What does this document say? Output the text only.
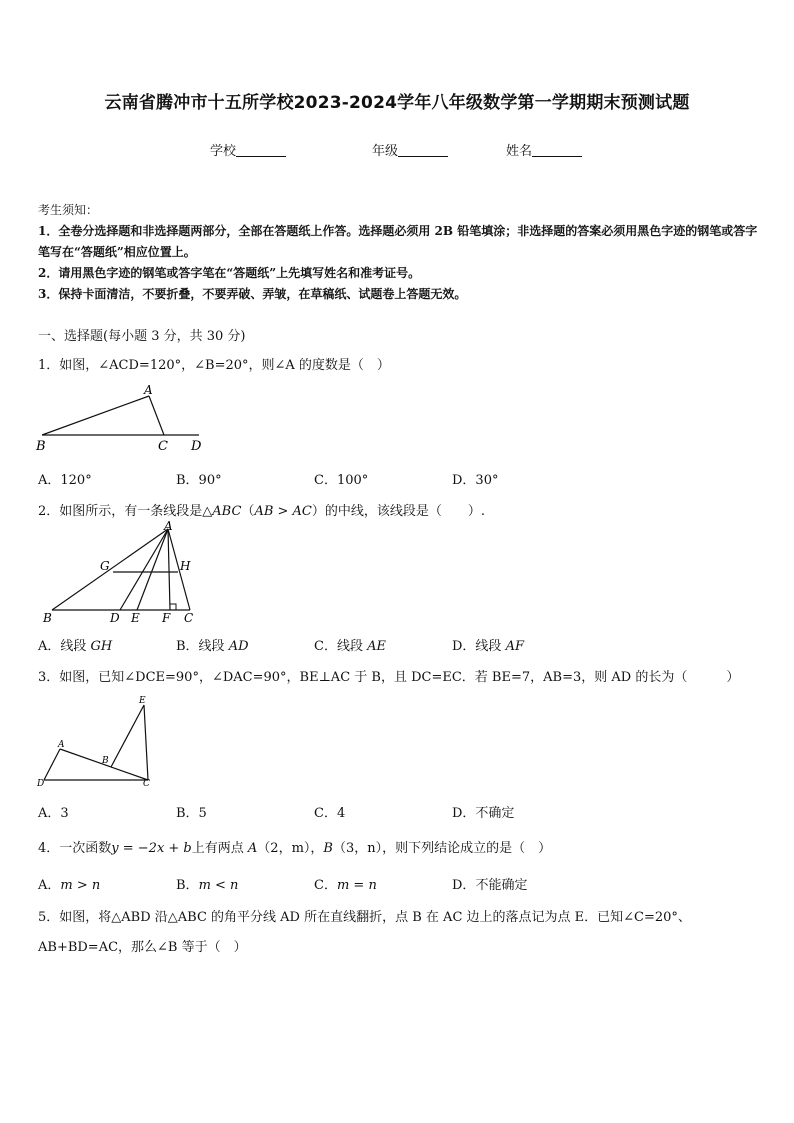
云南省腾冲市十五所学校2023-2024学年八年级数学第一学期期末预测试题
学校	年级	姓名

考生须知：

1．全卷分选择题和非选择题两部分，全部在答题纸上作答。选择题必须用 2B 铅笔填涂；非选择题的答案必须用黑色字迹的钢笔或答字笔写在“答题纸”相应位置上。

2．请用黑色字迹的钢笔或答字笔在“答题纸”上先填写姓名和准考证号。

3．保持卡面清洁，不要折叠，不要弄破、弄皱，在草稿纸、试题卷上答题无效。

一、选择题(每小题 3 分，共 30 分)
1．如图，∠ACD=120°，∠B=20°，则∠A 的度数是（　）
A
B	C D
A．120°	B．90°	C．100°	D．30°
2．如图所示，有一条线段是△ABC（AB > AC）的中线，该线段是（　　）.
A
G	H
B	D E F C
A．线段 GH	B．线段 AD	C．线段 AE	D．线段 AF
3．如图，已知∠DCE=90°，∠DAC=90°，BE⊥AC 于 B，且 DC=EC．若 BE=7，AB=3，则 AD 的长为（　　　）
E
A
B
D	C
A．3	B．5	C．4	D．不确定
4．一次函数y = −2x + b上有两点 A（2，m），B（3，n），则下列结论成立的是（　）
A．m > n	B．m < n	C．m = n	D．不能确定
5．如图，将△ABD 沿△ABC 的角平分线 AD 所在直线翻折，点 B 在 AC 边上的落点记为点 E．已知∠C=20°、
AB+BD=AC，那么∠B 等于（　）
